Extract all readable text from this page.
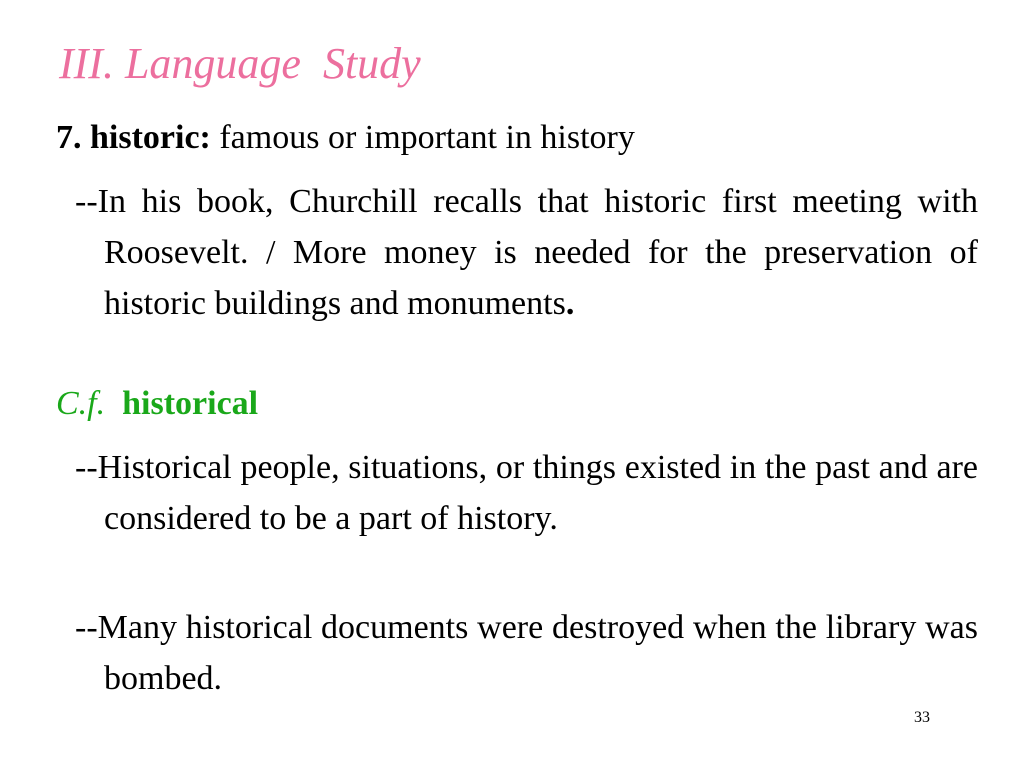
III. Language  Study
7. historic: famous or important in history
--In his book, Churchill recalls that historic first meeting with Roosevelt. / More money is needed for the preservation of historic buildings and monuments.
C.f. historical
--Historical people, situations, or things existed in the past and are considered to be a part of history.
--Many historical documents were destroyed when the library was bombed.
33
